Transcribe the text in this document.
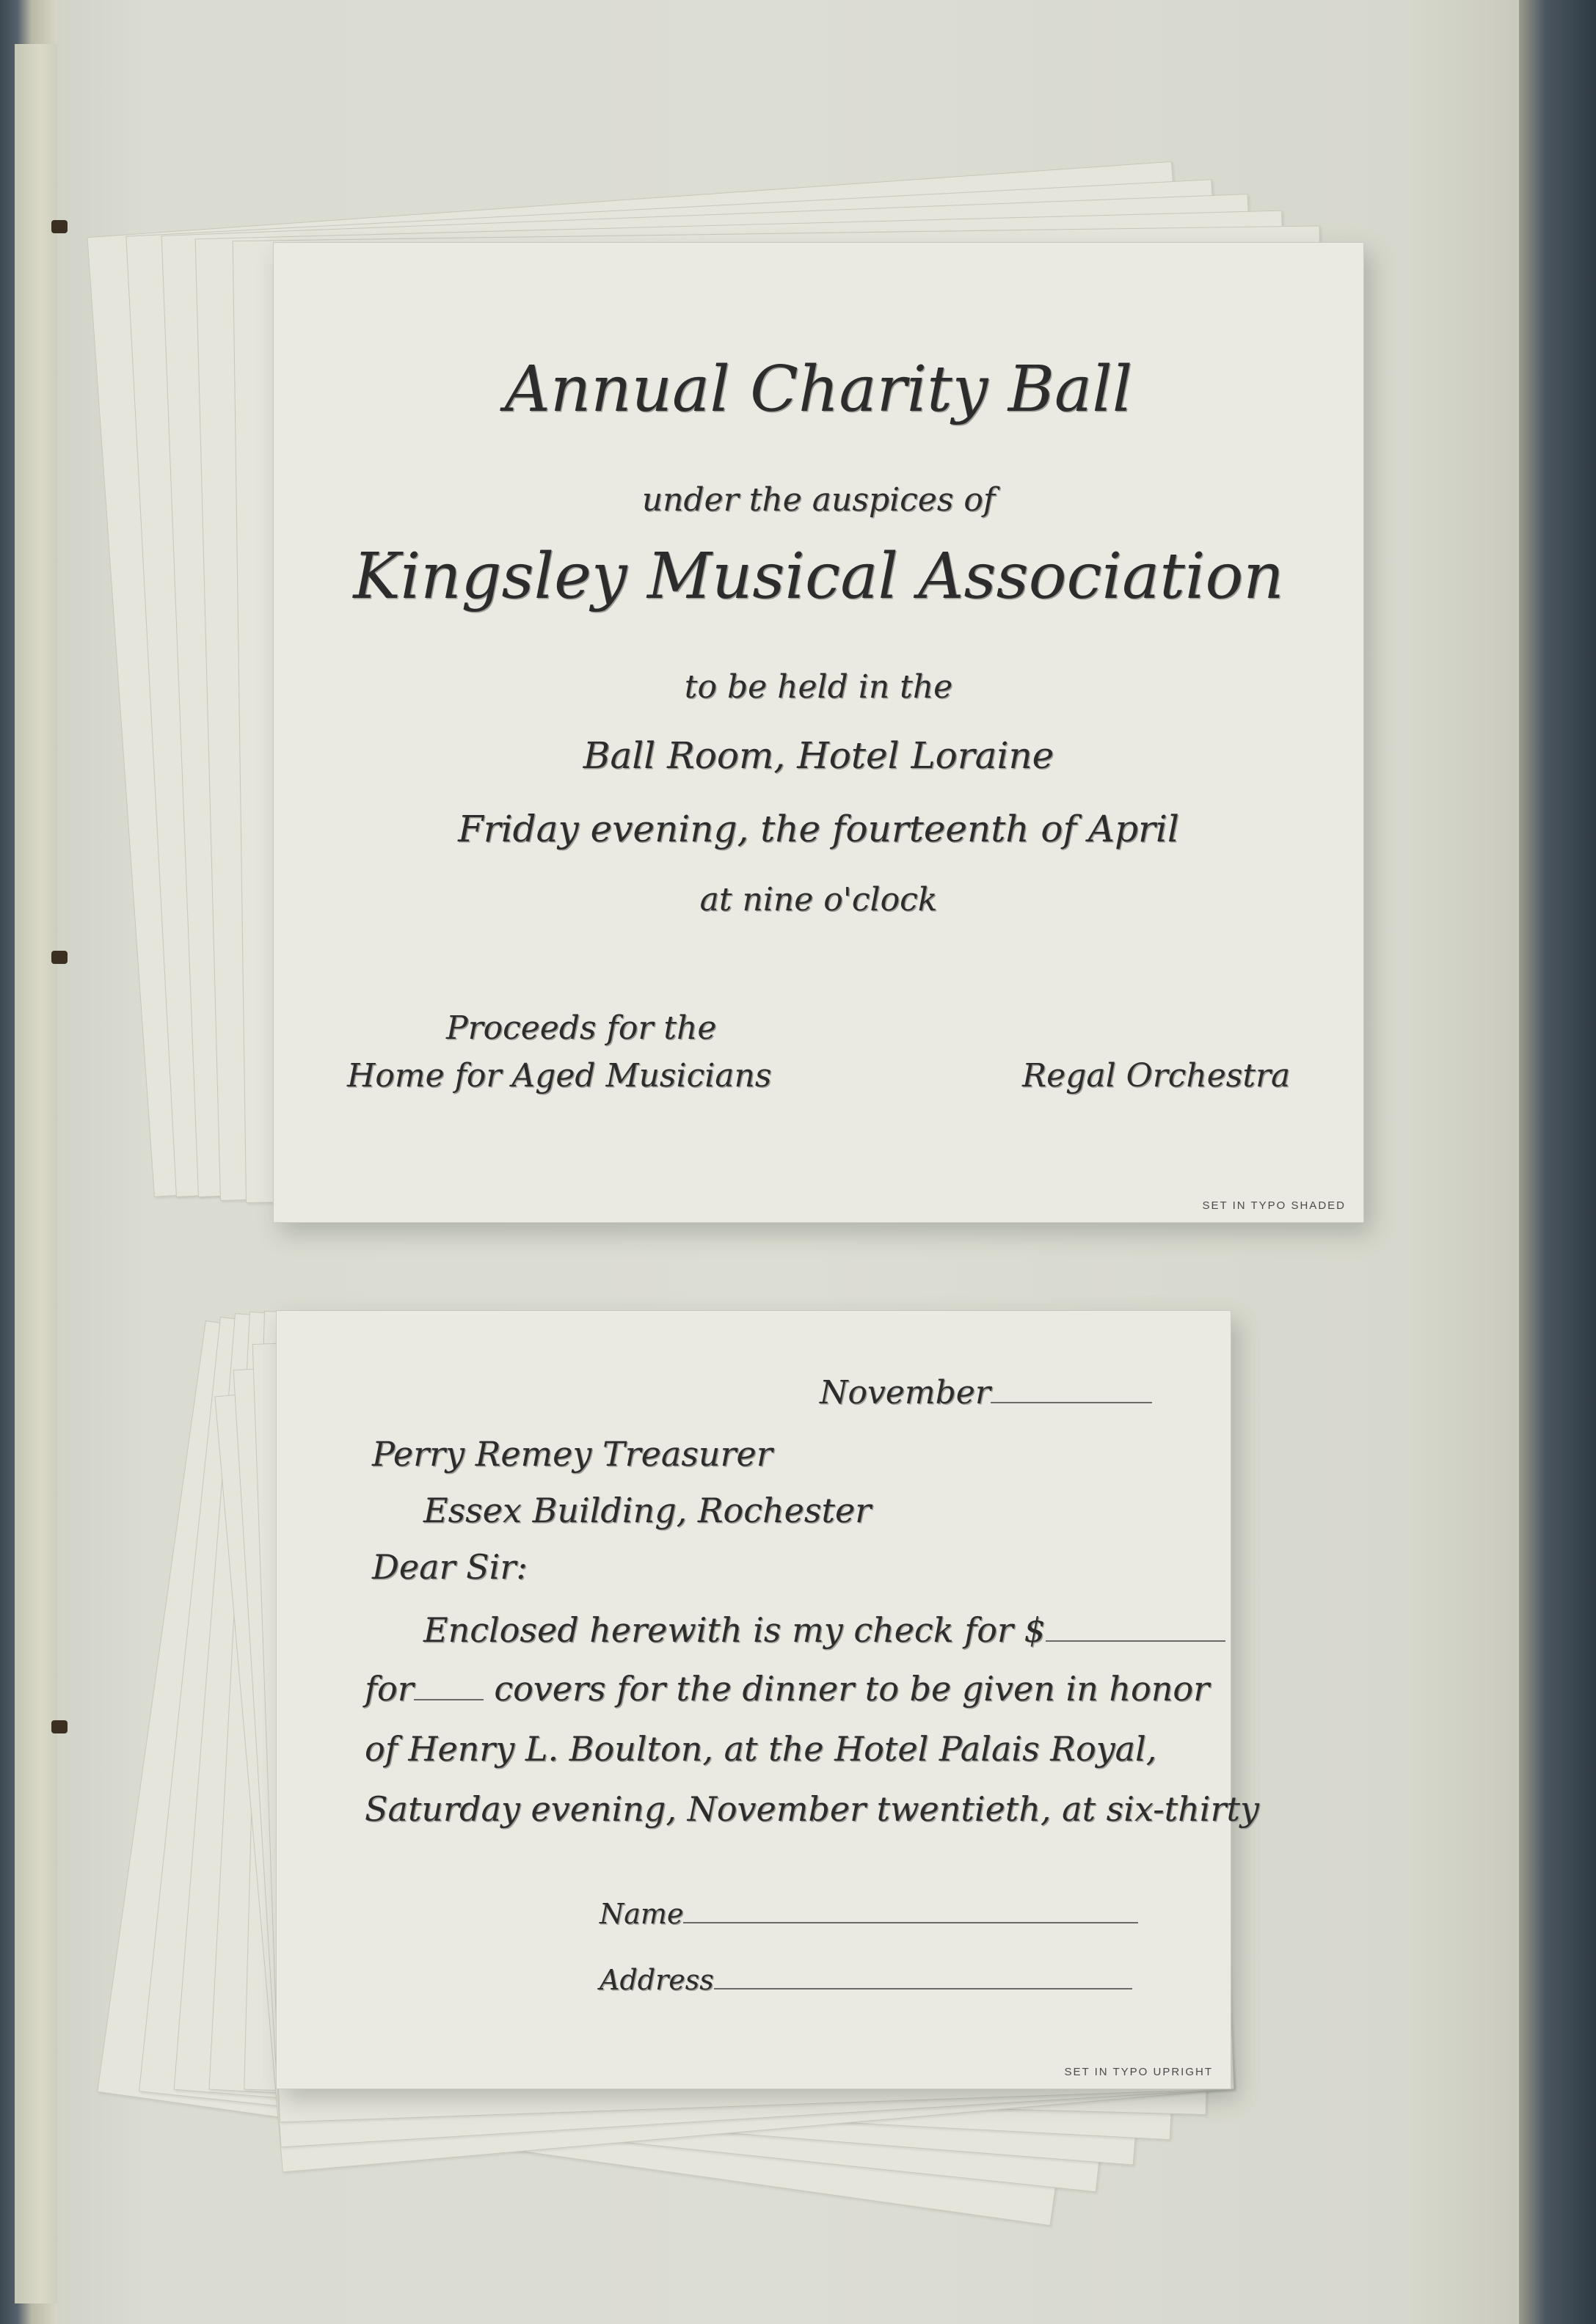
Annual Charity Ball
under the auspices of
Kingsley Musical Association
to be held in the
Ball Room, Hotel Loraine
Friday evening, the fourteenth of April
at nine o'clock
Proceeds for the
Home for Aged Musicians	Regal Orchestra
SET IN TYPO SHADED
November
Perry Remey Treasurer
Essex Building, Rochester
Dear Sir:
Enclosed herewith is my check for $
for covers for the dinner to be given in honor
of Henry L. Boulton, at the Hotel Palais Royal,
Saturday evening, November twentieth, at six-thirty
Name
Address
SET IN TYPO UPRIGHT
